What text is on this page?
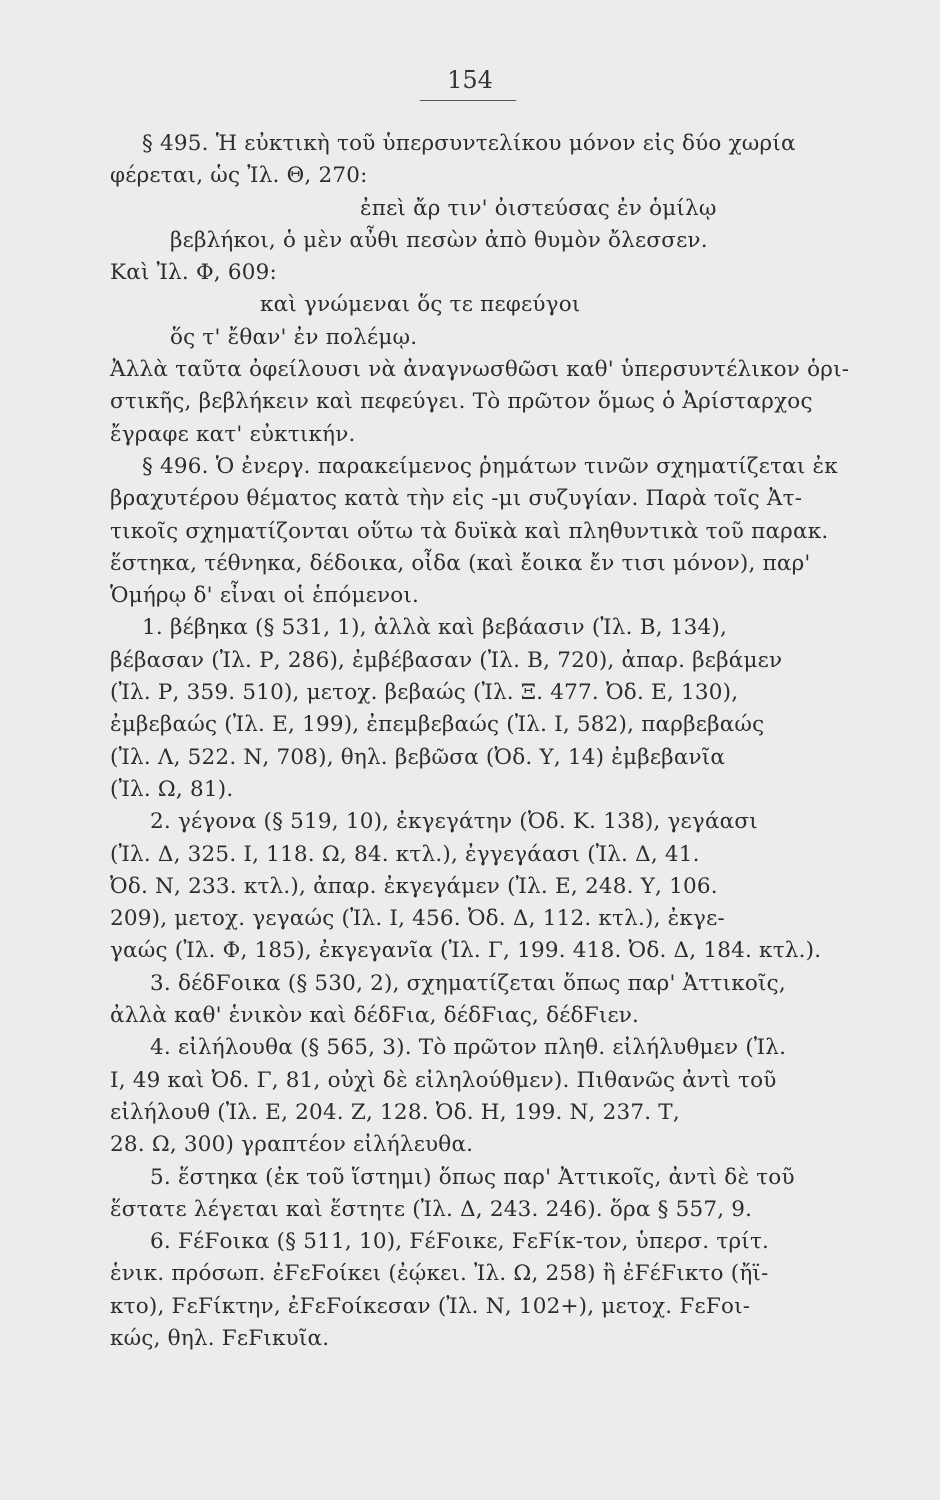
154
§ 495. Ἡ εὐκτικὴ τοῦ ὑπερσυντελίκου μόνον εἰς δύο χωρία
φέρεται, ὡς Ἰλ. Θ, 270:
ἐπεὶ ἄρ τιν' ὀιστεύσας ἐν ὁμίλῳ
βεβλήκοι, ὁ μὲν αὖθι πεσὼν ἀπὸ θυμὸν ὄλεσσεν.
Καὶ Ἰλ. Φ, 609:
καὶ γνώμεναι ὅς τε πεφεύγοι
ὅς τ' ἔθαν' ἐν πολέμῳ.
Ἀλλὰ ταῦτα ὀφείλουσι νὰ ἀναγνωσθῶσι καθ' ὑπερσυντέλικον ὁρι-
στικῆς, βεβλήκειν καὶ πεφεύγει. Τὸ πρῶτον ὅμως ὁ Ἀρίσταρχος
ἔγραφε κατ' εὐκτικήν.
§ 496. Ὁ ἐνεργ. παρακείμενος ῥημάτων τινῶν σχηματίζεται ἐκ
βραχυτέρου θέματος κατὰ τὴν εἰς -μι συζυγίαν. Παρὰ τοῖς Ἀτ-
τικοῖς σχηματίζονται οὕτω τὰ δυϊκὰ καὶ πληθυντικὰ τοῦ παρακ.
ἕστηκα, τέθνηκα, δέδοικα, οἶδα (καὶ ἔοικα ἔν τισι μόνον), παρ'
Ὁμήρῳ δ' εἶναι οἱ ἑπόμενοι.
1. βέβηκα (§ 531, 1), ἀλλὰ καὶ βεβάασιν (Ἰλ. Β, 134),
βέβασαν (Ἰλ. Ρ, 286), ἐμβέβασαν (Ἰλ. Β, 720), ἀπαρ. βεβάμεν
(Ἰλ. Ρ, 359. 510), μετοχ. βεβαώς (Ἰλ. Ξ. 477. Ὀδ. Ε, 130),
ἐμβεβαώς (Ἰλ. Ε, 199), ἐπεμβεβαώς (Ἰλ. Ι, 582), παρβεβαώς
(Ἰλ. Λ, 522. Ν, 708), θηλ. βεβῶσα (Ὀδ. Υ, 14) ἐμβεβανῖα
(Ἰλ. Ω, 81).
2. γέγονα (§ 519, 10), ἐκγεγάτην (Ὀδ. Κ. 138), γεγάασι
(Ἰλ. Δ, 325. Ι, 118. Ω, 84. κτλ.), ἐγγεγάασι (Ἰλ. Δ, 41.
Ὀδ. Ν, 233. κτλ.), ἀπαρ. ἐκγεγάμεν (Ἰλ. Ε, 248. Υ, 106.
209), μετοχ. γεγαώς (Ἰλ. Ι, 456. Ὀδ. Δ, 112. κτλ.), ἐκγε-
γαώς (Ἰλ. Φ, 185), ἐκγεγανῖα (Ἰλ. Γ, 199. 418. Ὀδ. Δ, 184. κτλ.).
3. δέδϜοικα (§ 530, 2), σχηματίζεται ὅπως παρ' Ἀττικοῖς,
ἀλλὰ καθ' ἑνικὸν καὶ δέδϜια, δέδϜιας, δέδϜιεν.
4. εἰλήλουθα (§ 565, 3). Τὸ πρῶτον πληθ. εἰλήλυθμεν (Ἰλ.
Ι, 49 καὶ Ὀδ. Γ, 81, οὐχὶ δὲ εἰληλούθμεν). Πιθανῶς ἀντὶ τοῦ
εἰλήλουθ (Ἰλ. Ε, 204. Ζ, 128. Ὀδ. Η, 199. Ν, 237. Τ,
28. Ω, 300) γραπτέον εἰλήλευθα.
5. ἕστηκα (ἐκ τοῦ ἵστημι) ὅπως παρ' Ἀττικοῖς, ἀντὶ δὲ τοῦ
ἕστατε λέγεται καὶ ἕστητε (Ἰλ. Δ, 243. 246). ὅρα § 557, 9.
6. ϜέϜοικα (§ 511, 10), ϜέϜοικε, ϜεϜίκ-τον, ὑπερσ. τρίτ.
ἑνικ. πρόσωπ. ἐϜεϜοίκει (ἐῴκει. Ἰλ. Ω, 258) ἢ ἐϜέϜικτο (ἤϊ-
κτο), ϜεϜίκτην, ἐϜεϜοίκεσαν (Ἰλ. Ν, 102+), μετοχ. ϜεϜοι-
κώς, θηλ. ϜεϜικυῖα.
